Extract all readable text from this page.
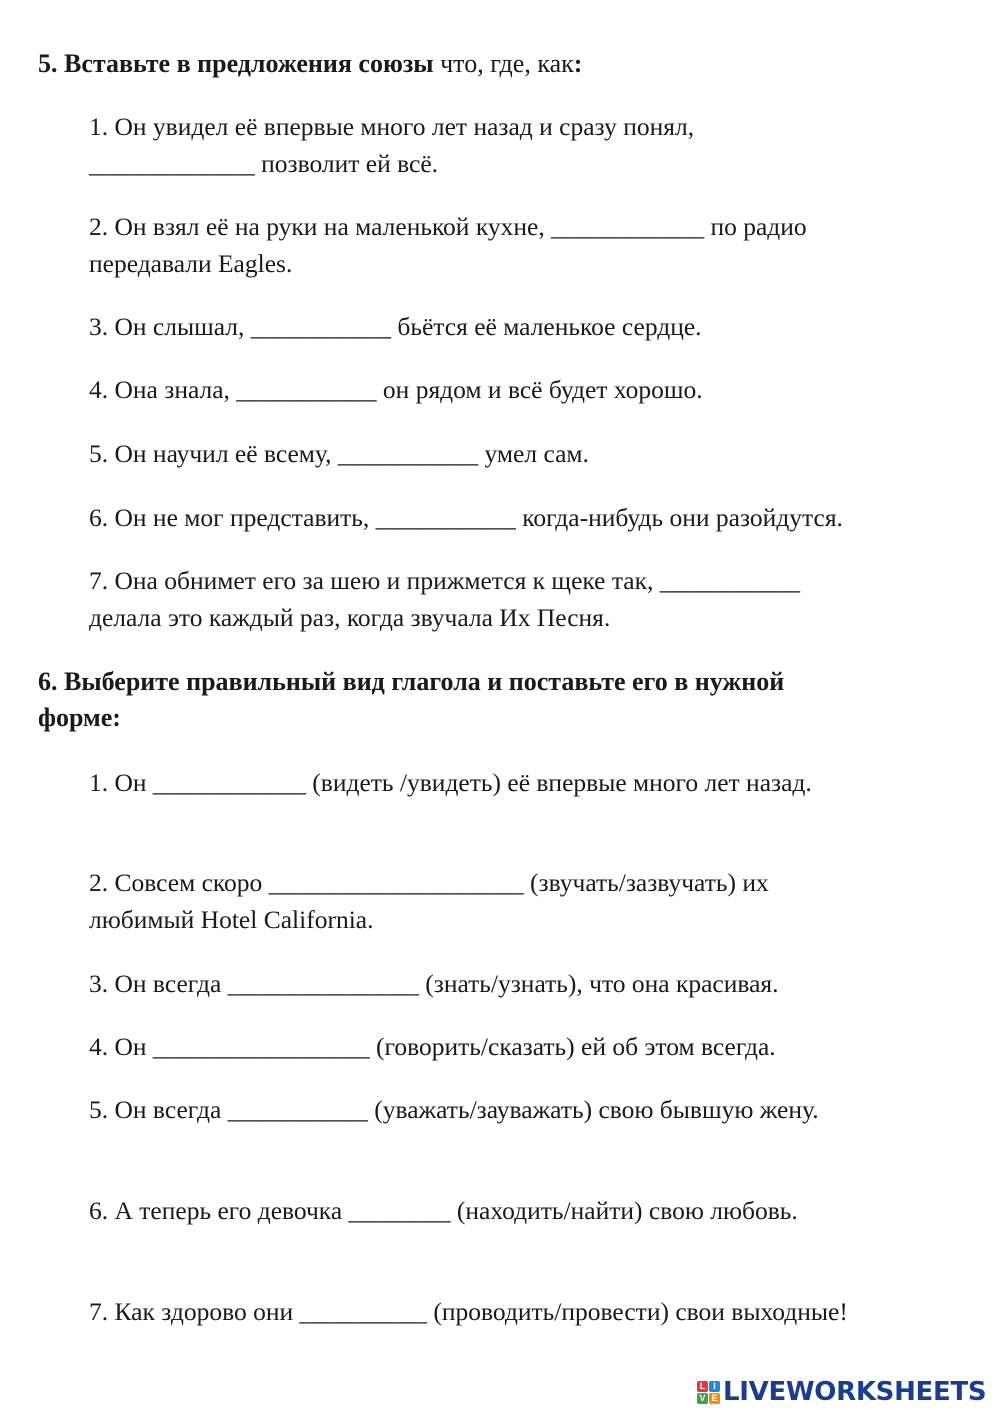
5. Вставьте в предложения союзы что, где, как:
1. Он увидел её впервые много лет назад и сразу понял,
_____________ позволит ей всё.
2. Он взял её на руки на маленькой кухне, ____________ по радио
передавали Eagles.
3. Он слышал, ___________ бьётся её маленькое сердце.
4. Она знала, ___________ он рядом и всё будет хорошо.
5. Он научил её всему, ___________ умел сам.
6. Он не мог представить, ___________ когда-нибудь они разойдутся.
7. Она обнимет его за шею и прижмется к щеке так, ___________
делала это каждый раз, когда звучала Их Песня.
6. Выберите правильный вид глагола и поставьте его в нужной
форме:
1. Он ____________ (видеть /увидеть) её впервые много лет назад.
2. Совсем скоро ____________________ (звучать/зазвучать) их
любимый Hotel California.
3. Он всегда _______________ (знать/узнать), что она красивая.
4. Он _________________ (говорить/сказать) ей об этом всегда.
5. Он всегда ___________ (уважать/зауважать) свою бывшую жену.
6. А теперь его девочка ________ (находить/найти) свою любовь.
7. Как здорово они __________ (проводить/провести) свои выходные!
L I
V E LIVEWORKSHEETS
